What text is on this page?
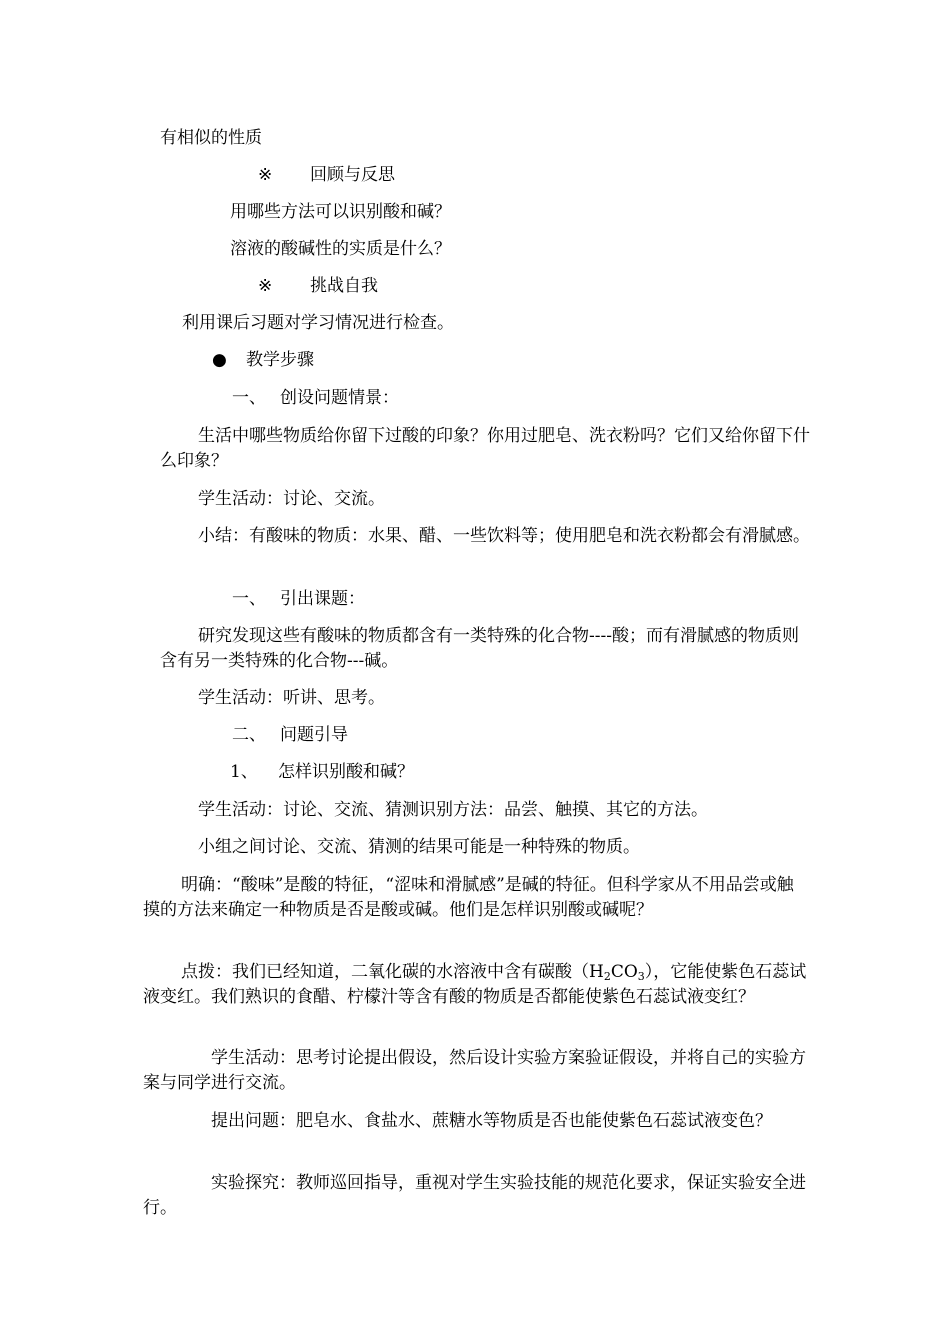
有相似的性质
※ 回顾与反思
用哪些方法可以识别酸和碱？
溶液的酸碱性的实质是什么？
※ 挑战自我
利用课后习题对学习情况进行检查。
● 教学步骤
一、 创设问题情景：
生活中哪些物质给你留下过酸的印象？你用过肥皂、洗衣粉吗？它们又给你留下什么印象？
学生活动：讨论、交流。
小结：有酸味的物质：水果、醋、一些饮料等；使用肥皂和洗衣粉都会有滑腻感。
一、 引出课题：
研究发现这些有酸味的物质都含有一类特殊的化合物----酸；而有滑腻感的物质则含有另一类特殊的化合物---碱。
学生活动：听讲、思考。
二、 问题引导
1、 怎样识别酸和碱？
学生活动：讨论、交流、猜测识别方法：品尝、触摸、其它的方法。
小组之间讨论、交流、猜测的结果可能是一种特殊的物质。
明确：“酸味”是酸的特征，“涩味和滑腻感”是碱的特征。但科学家从不用品尝或触摸的方法来确定一种物质是否是酸或碱。他们是怎样识别酸或碱呢？
点拨：我们已经知道，二氧化碳的水溶液中含有碳酸$(H_2CO_3)$，它能使紫色石蕊试液变红。我们熟识的食醋、柠檬汁等含有酸的物质是否都能使紫色石蕊试液变红？
学生活动：思考讨论提出假设，然后设计实验方案验证假设，并将自己的实验方案与同学进行交流。
提出问题：肥皂水、食盐水、蔗糖水等物质是否也能使紫色石蕊试液变色？
实验探究：教师巡回指导，重视对学生实验技能的规范化要求，保证实验安全进行。
